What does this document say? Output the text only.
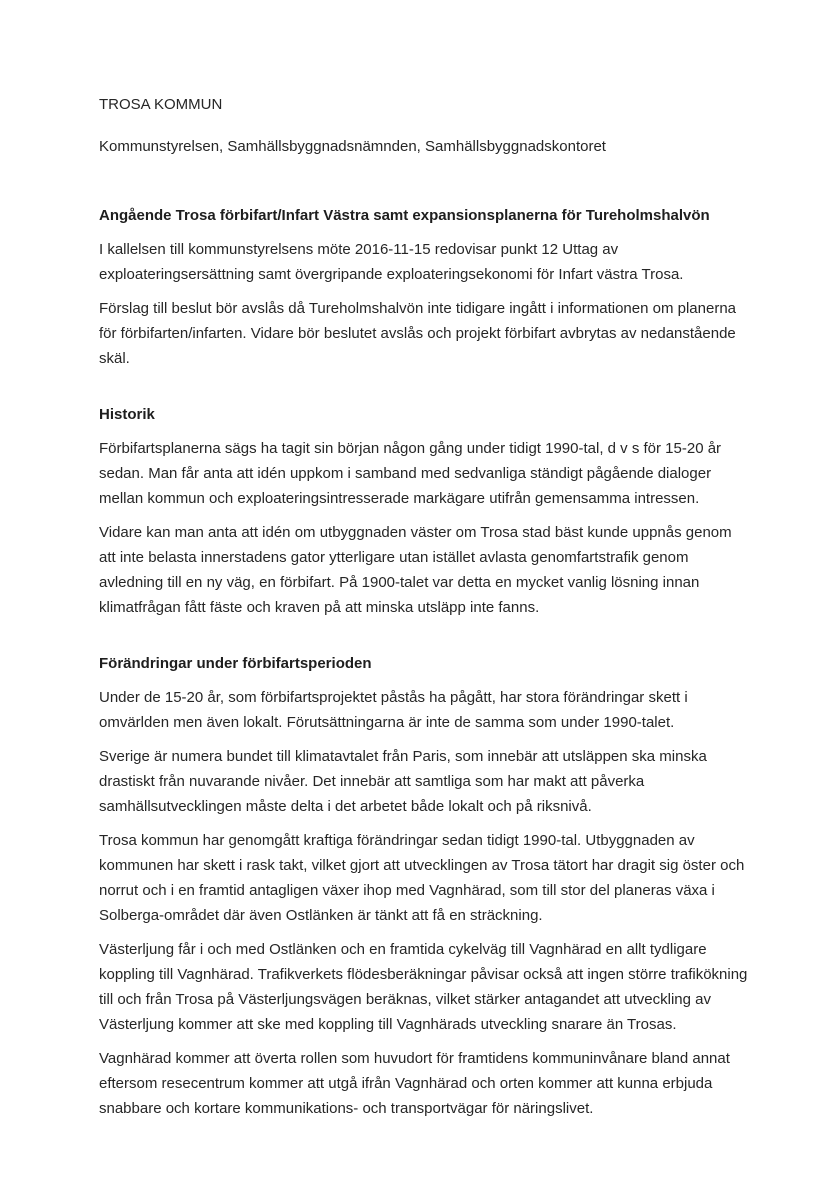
TROSA KOMMUN

Kommunstyrelsen, Samhällsbyggnadsnämnden, Samhällsbyggnadskontoret

Angående Trosa förbifart/Infart Västra samt expansionsplanerna för Tureholmshalvön

I kallelsen till kommunstyrelsens möte 2016-11-15 redovisar punkt 12 Uttag av exploateringsersättning samt övergripande exploateringsekonomi för Infart västra Trosa.

Förslag till beslut bör avslås då Tureholmshalvön inte tidigare ingått i informationen om planerna för förbifarten/infarten. Vidare bör beslutet avslås och projekt förbifart avbrytas av nedanstående skäl.

Historik

Förbifartsplanerna sägs ha tagit sin början någon gång under tidigt 1990-tal, d v s för 15-20 år sedan. Man får anta att idén uppkom i samband med sedvanliga ständigt pågående dialoger mellan kommun och exploateringsintresserade markägare utifrån gemensamma intressen.

Vidare kan man anta att idén om utbyggnaden väster om Trosa stad bäst kunde uppnås genom att inte belasta innerstadens gator ytterligare utan istället avlasta genomfartstrafik genom avledning till en ny väg, en förbifart. På 1900-talet var detta en mycket vanlig lösning innan klimatfrågan fått fäste och kraven på att minska utsläpp inte fanns.

Förändringar under förbifartsperioden

Under de 15-20 år, som förbifartsprojektet påstås ha pågått, har stora förändringar skett i omvärlden men även lokalt. Förutsättningarna är inte de samma som under 1990-talet.

Sverige är numera bundet till klimatavtalet från Paris, som innebär att utsläppen ska minska drastiskt från nuvarande nivåer. Det innebär att samtliga som har makt att påverka samhällsutvecklingen måste delta i det arbetet både lokalt och på riksnivå.

Trosa kommun har genomgått kraftiga förändringar sedan tidigt 1990-tal. Utbyggnaden av kommunen har skett i rask takt, vilket gjort att utvecklingen av Trosa tätort har dragit sig öster och norrut och i en framtid antagligen växer ihop med Vagnhärad, som till stor del planeras växa i Solberga-området där även Ostlänken är tänkt att få en sträckning.

Västerljung får i och med Ostlänken och en framtida cykelväg till Vagnhärad en allt tydligare koppling till Vagnhärad. Trafikverkets flödesberäkningar påvisar också att ingen större trafikökning till och från Trosa på Västerljungsvägen beräknas, vilket stärker antagandet att utveckling av Västerljung kommer att ske med koppling till Vagnhärads utveckling snarare än Trosas.

Vagnhärad kommer att överta rollen som huvudort för framtidens kommuninvånare bland annat eftersom resecentrum kommer att utgå ifrån Vagnhärad och orten kommer att kunna erbjuda snabbare och kortare kommunikations- och transportvägar för näringslivet.
